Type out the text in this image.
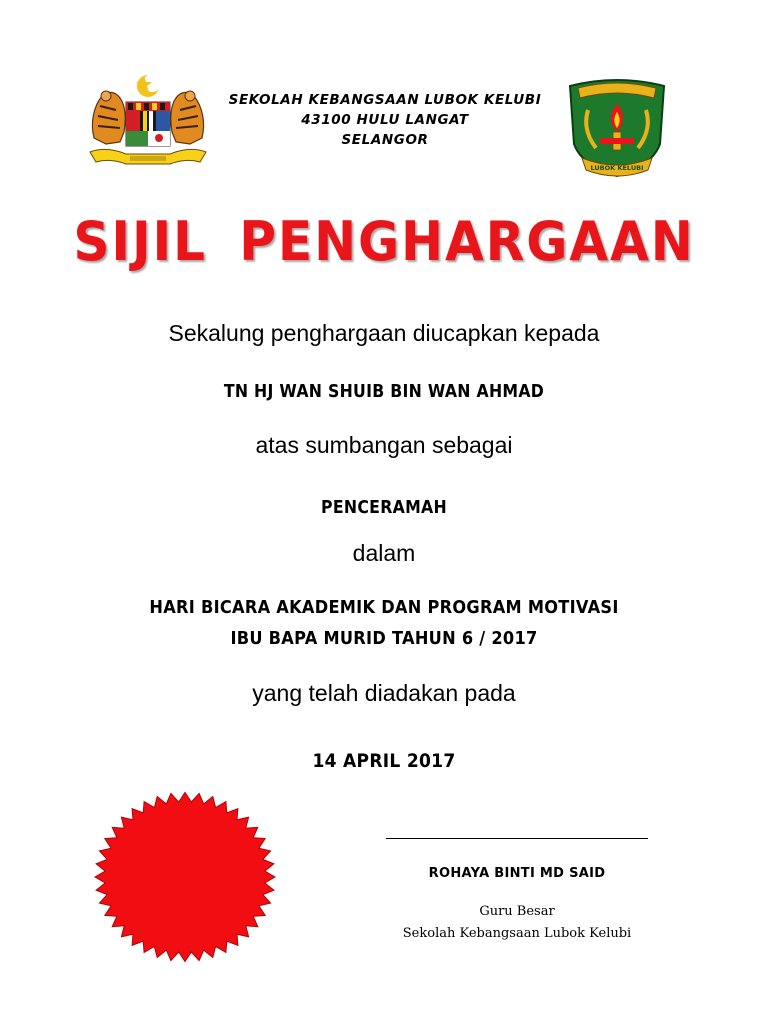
SEKOLAH KEBANGSAAN LUBOK KELUBI
43100 HULU LANGAT
SELANGOR
LUBOK KELUBI
SIJIL PENGHARGAAN
Sekalung penghargaan diucapkan kepada
TN HJ WAN SHUIB BIN WAN AHMAD
atas sumbangan sebagai
PENCERAMAH
dalam
HARI BICARA AKADEMIK DAN PROGRAM MOTIVASI
IBU BAPA MURID TAHUN 6 / 2017
yang telah diadakan pada
14 APRIL 2017
ROHAYA BINTI MD SAID
Guru Besar
Sekolah Kebangsaan Lubok Kelubi
